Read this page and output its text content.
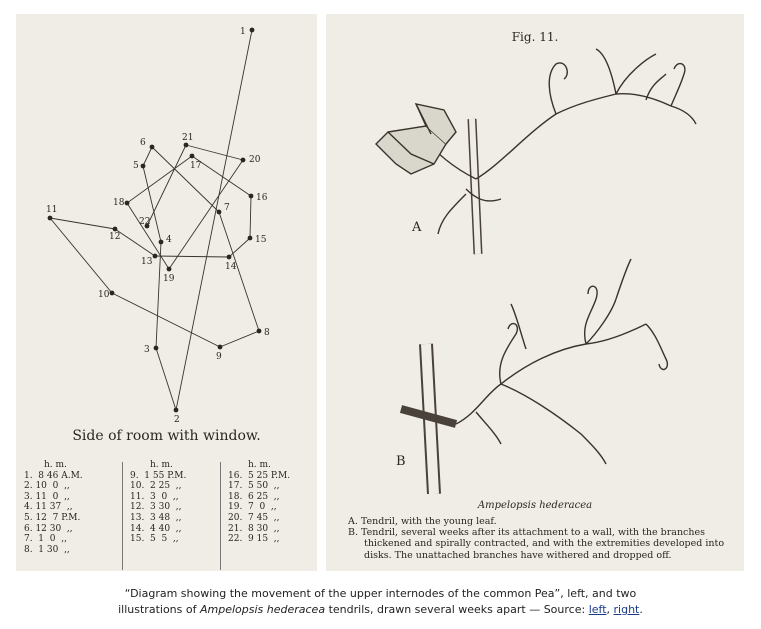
1
2
3
4
5
6
7
8
9
10
11
12
13	14
15
16
17
18
19
20
21
22
Side of room with window.
h. m.
1.  8 46 A.M.
2. 10  0  ,,
3. 11  0  ,,
4. 11 37  ,,
5. 12  7 P.M.
6. 12 30  ,,
7.  1  0  ,,
8.  1 30  ,,
h. m.
9.  1 55 P.M.
10.  2 25  ,,
11.  3  0  ,,
12.  3 30  ,,
13.  3 48  ,,
14.  4 40  ,,
15.  5  5  ,,
h. m.
16.  5 25 P.M.
17.  5 50  ,,
18.  6 25  ,,
19.  7  0  ,,
20.  7 45  ,,
21.  8 30  ,,
22.  9 15  ,,
Fig. 11.
A
B
Ampelopsis hederacea
A. Tendril, with the young leaf.
B. Tendril, several weeks after its attachment to a wall, with the branches
thickened and spirally contracted, and with the extremities developed into
disks. The unattached branches have withered and dropped off.
“Diagram showing the movement of the upper internodes of the common Pea”, left, and two
illustrations of Ampelopsis hederacea tendrils, drawn several weeks apart — Source: left, right.
